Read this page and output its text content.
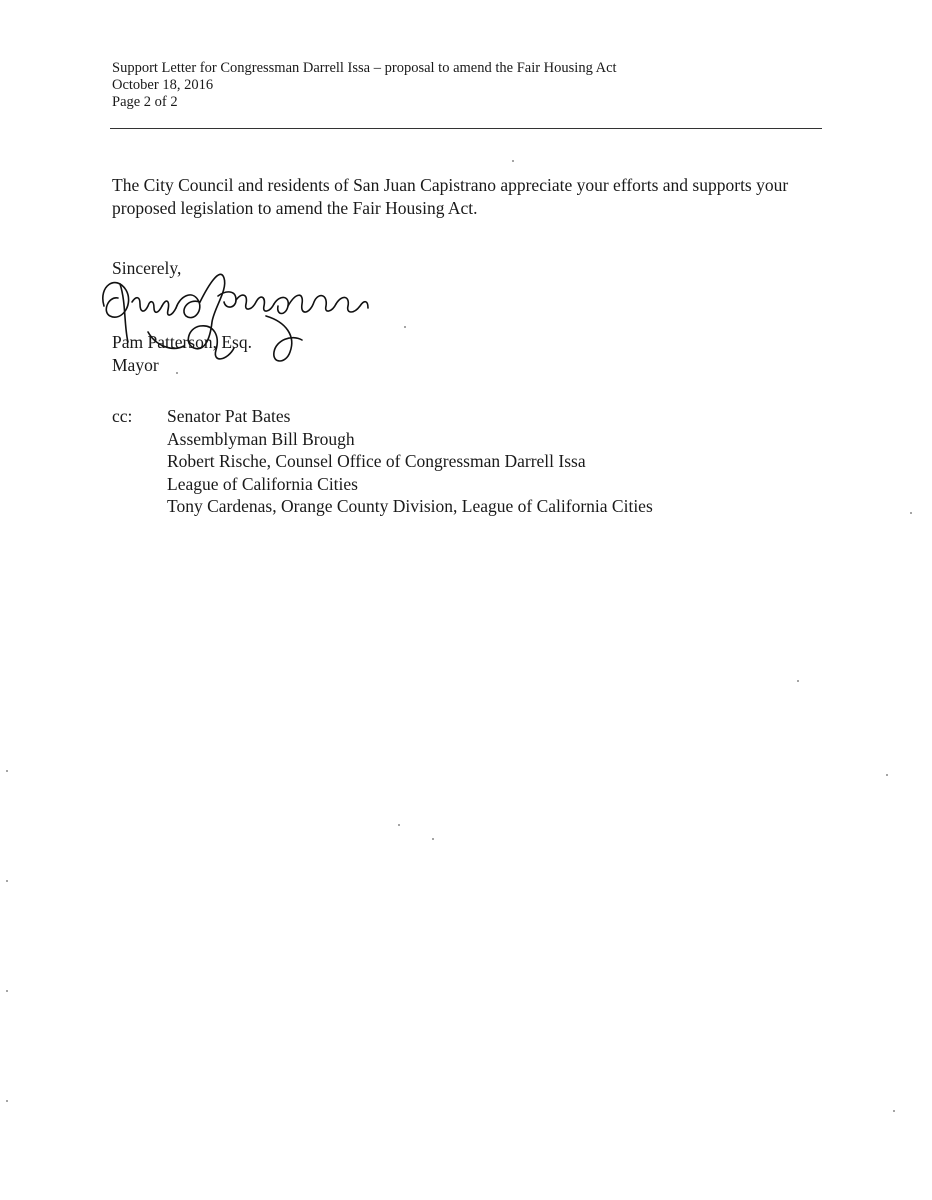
Support Letter for Congressman Darrell Issa – proposal to amend the Fair Housing Act
October 18, 2016
Page 2 of 2
The City Council and residents of San Juan Capistrano appreciate your efforts and supports your proposed legislation to amend the Fair Housing Act.
Sincerely,
Pam Patterson, Esq.
Mayor
cc: Senator Pat Bates
Assemblyman Bill Brough
Robert Rische, Counsel Office of Congressman Darrell Issa
League of California Cities
Tony Cardenas, Orange County Division, League of California Cities
